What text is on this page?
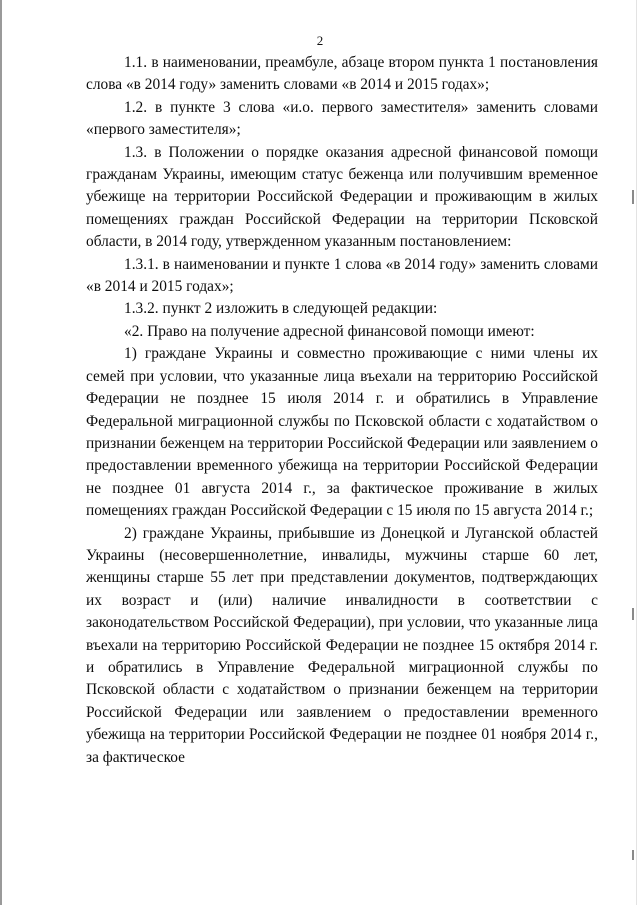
2

1.1. в наименовании, преамбуле, абзаце втором пункта 1 постановления слова «в 2014 году» заменить словами «в 2014 и 2015 годах»;

1.2. в пункте 3 слова «и.о. первого заместителя» заменить словами «первого заместителя»;

1.3. в Положении о порядке оказания адресной финансовой помощи гражданам Украины, имеющим статус беженца или получившим временное убежище на территории Российской Федерации и проживающим в жилых помещениях граждан Российской Федерации на территории Псковской области, в 2014 году, утвержденном указанным постановлением:

1.3.1. в наименовании и пункте 1 слова «в 2014 году» заменить словами «в 2014 и 2015 годах»;

1.3.2. пункт 2 изложить в следующей редакции:

«2. Право на получение адресной финансовой помощи имеют:

1) граждане Украины и совместно проживающие с ними члены их семей при условии, что указанные лица въехали на территорию Российской Федерации не позднее 15 июля 2014 г. и обратились в Управление Федеральной миграционной службы по Псковской области с ходатайством о признании беженцем на территории Российской Федерации или заявлением о предоставлении временного убежища на территории Российской Федерации не позднее 01 августа 2014 г., за фактическое проживание в жилых помещениях граждан Российской Федерации с 15 июля по 15 августа 2014 г.;

2) граждане Украины, прибывшие из Донецкой и Луганской областей Украины (несовершеннолетние, инвалиды, мужчины старше 60 лет, женщины старше 55 лет при представлении документов, подтверждающих их возраст и (или) наличие инвалидности в соответствии с законодательством Российской Федерации), при условии, что указанные лица въехали на территорию Российской Федерации не позднее 15 октября 2014 г. и обратились в Управление Федеральной миграционной службы по Псковской области с ходатайством о признании беженцем на территории Российской Федерации или заявлением о предоставлении временного убежища на территории Российской Федерации не позднее 01 ноября 2014 г., за фактическое
